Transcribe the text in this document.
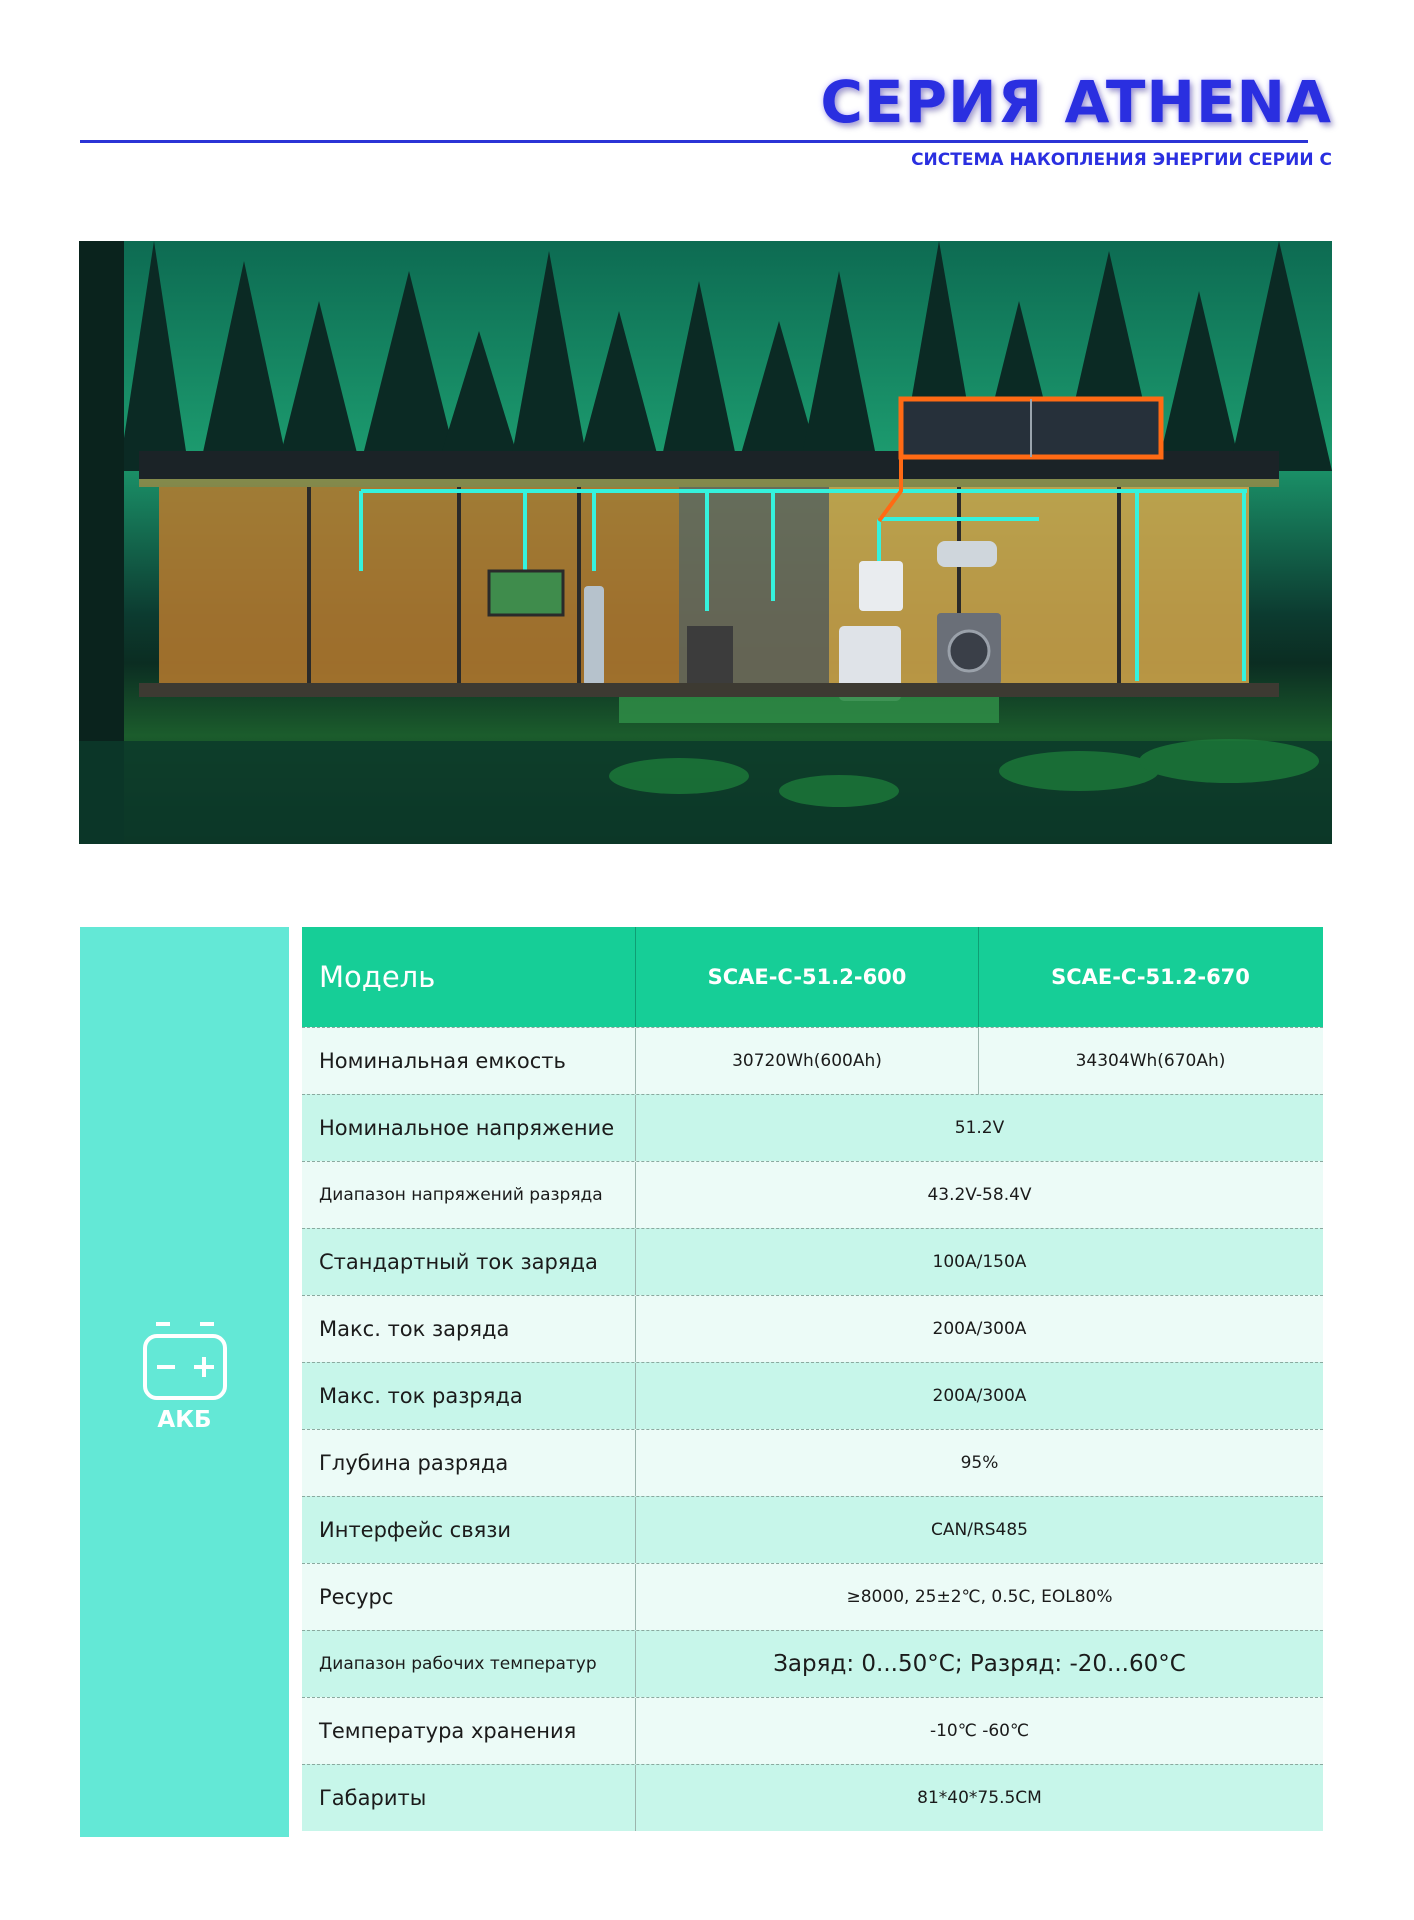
СЕРИЯ ATHENA
СИСТЕМА НАКОПЛЕНИЯ ЭНЕРГИИ СЕРИИ С
АКБ
Модель	SCAE-C-51.2-600	SCAE-C-51.2-670
Номинальная емкость	30720Wh(600Ah)	34304Wh(670Ah)
Номинальное напряжение	51.2V
Диапазон напряжений разряда	43.2V-58.4V
Стандартный ток заряда	100A/150A
Макс. ток заряда	200A/300A
Макс. ток разряда	200A/300A
Глубина разряда	95%
Интерфейс связи	CAN/RS485
Ресурс	≥8000, 25±2℃, 0.5C, EOL80%
Диапазон рабочих температур	Заряд: 0...50°C; Разряд: -20...60°C
Температура хранения	-10℃ -60℃
Габариты	81*40*75.5CM
